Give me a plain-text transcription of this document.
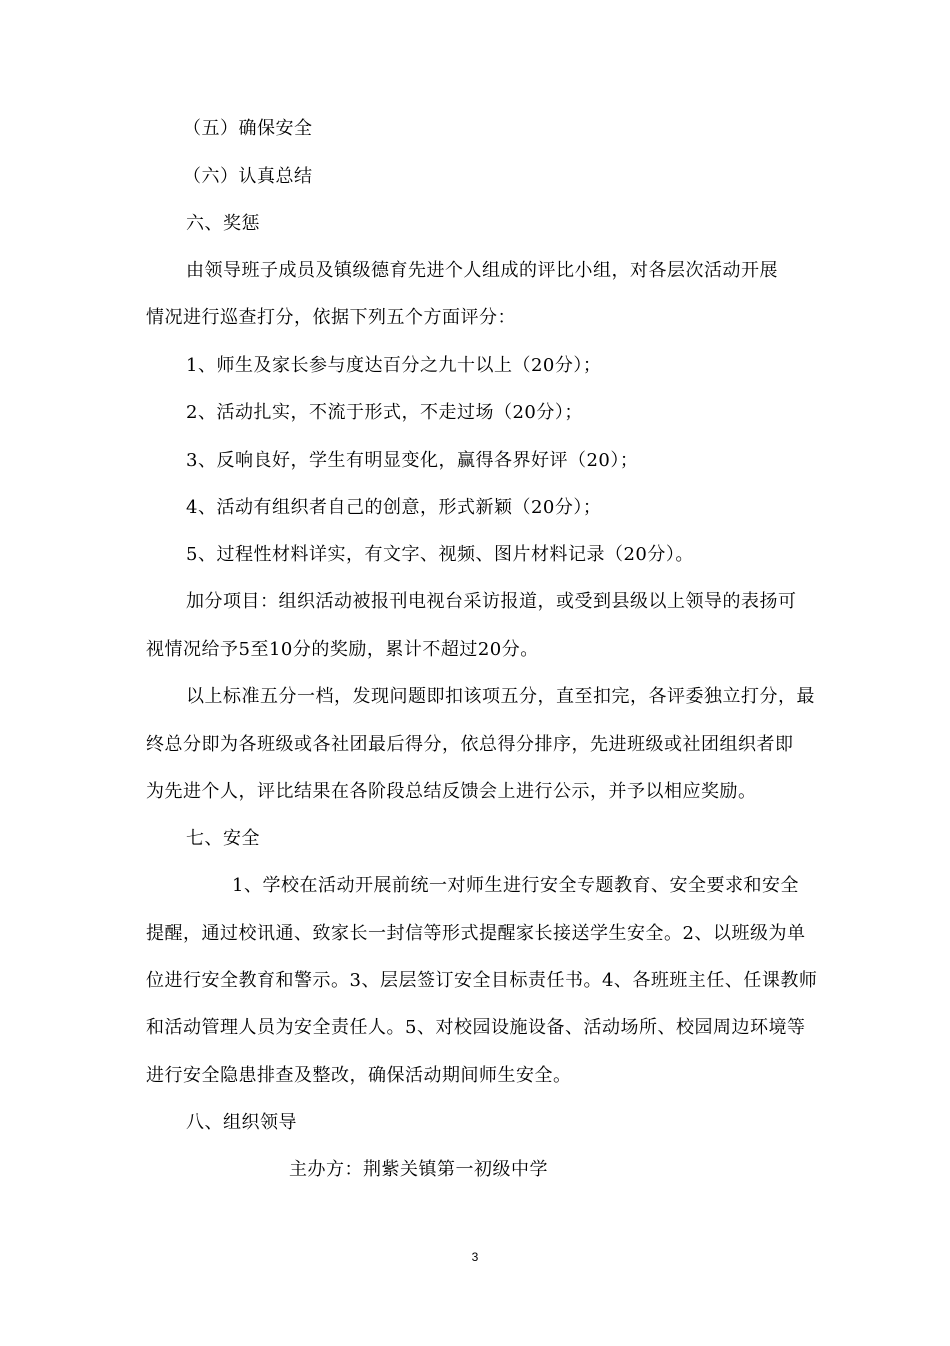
（五）确保安全
（六）认真总结
六、奖惩
由领导班子成员及镇级德育先进个人组成的评比小组，对各层次活动开展
情况进行巡查打分，依据下列五个方面评分：
1、师生及家长参与度达百分之九十以上（20分）；
2、活动扎实，不流于形式，不走过场（20分）；
3、反响良好，学生有明显变化，赢得各界好评（20）；
4、活动有组织者自己的创意，形式新颖（20分）；
5、过程性材料详实，有文字、视频、图片材料记录（20分）。
加分项目：组织活动被报刊电视台采访报道，或受到县级以上领导的表扬可
视情况给予5至10分的奖励，累计不超过20分。
以上标准五分一档，发现问题即扣该项五分，直至扣完，各评委独立打分，最
终总分即为各班级或各社团最后得分，依总得分排序，先进班级或社团组织者即
为先进个人，评比结果在各阶段总结反馈会上进行公示，并予以相应奖励。
七、安全
1、学校在活动开展前统一对师生进行安全专题教育、安全要求和安全
提醒，通过校讯通、致家长一封信等形式提醒家长接送学生安全。2、以班级为单
位进行安全教育和警示。3、层层签订安全目标责任书。4、各班班主任、任课教师
和活动管理人员为安全责任人。5、对校园设施设备、活动场所、校园周边环境等
进行安全隐患排查及整改，确保活动期间师生安全。
八、组织领导
主办方：荆紫关镇第一初级中学
3
